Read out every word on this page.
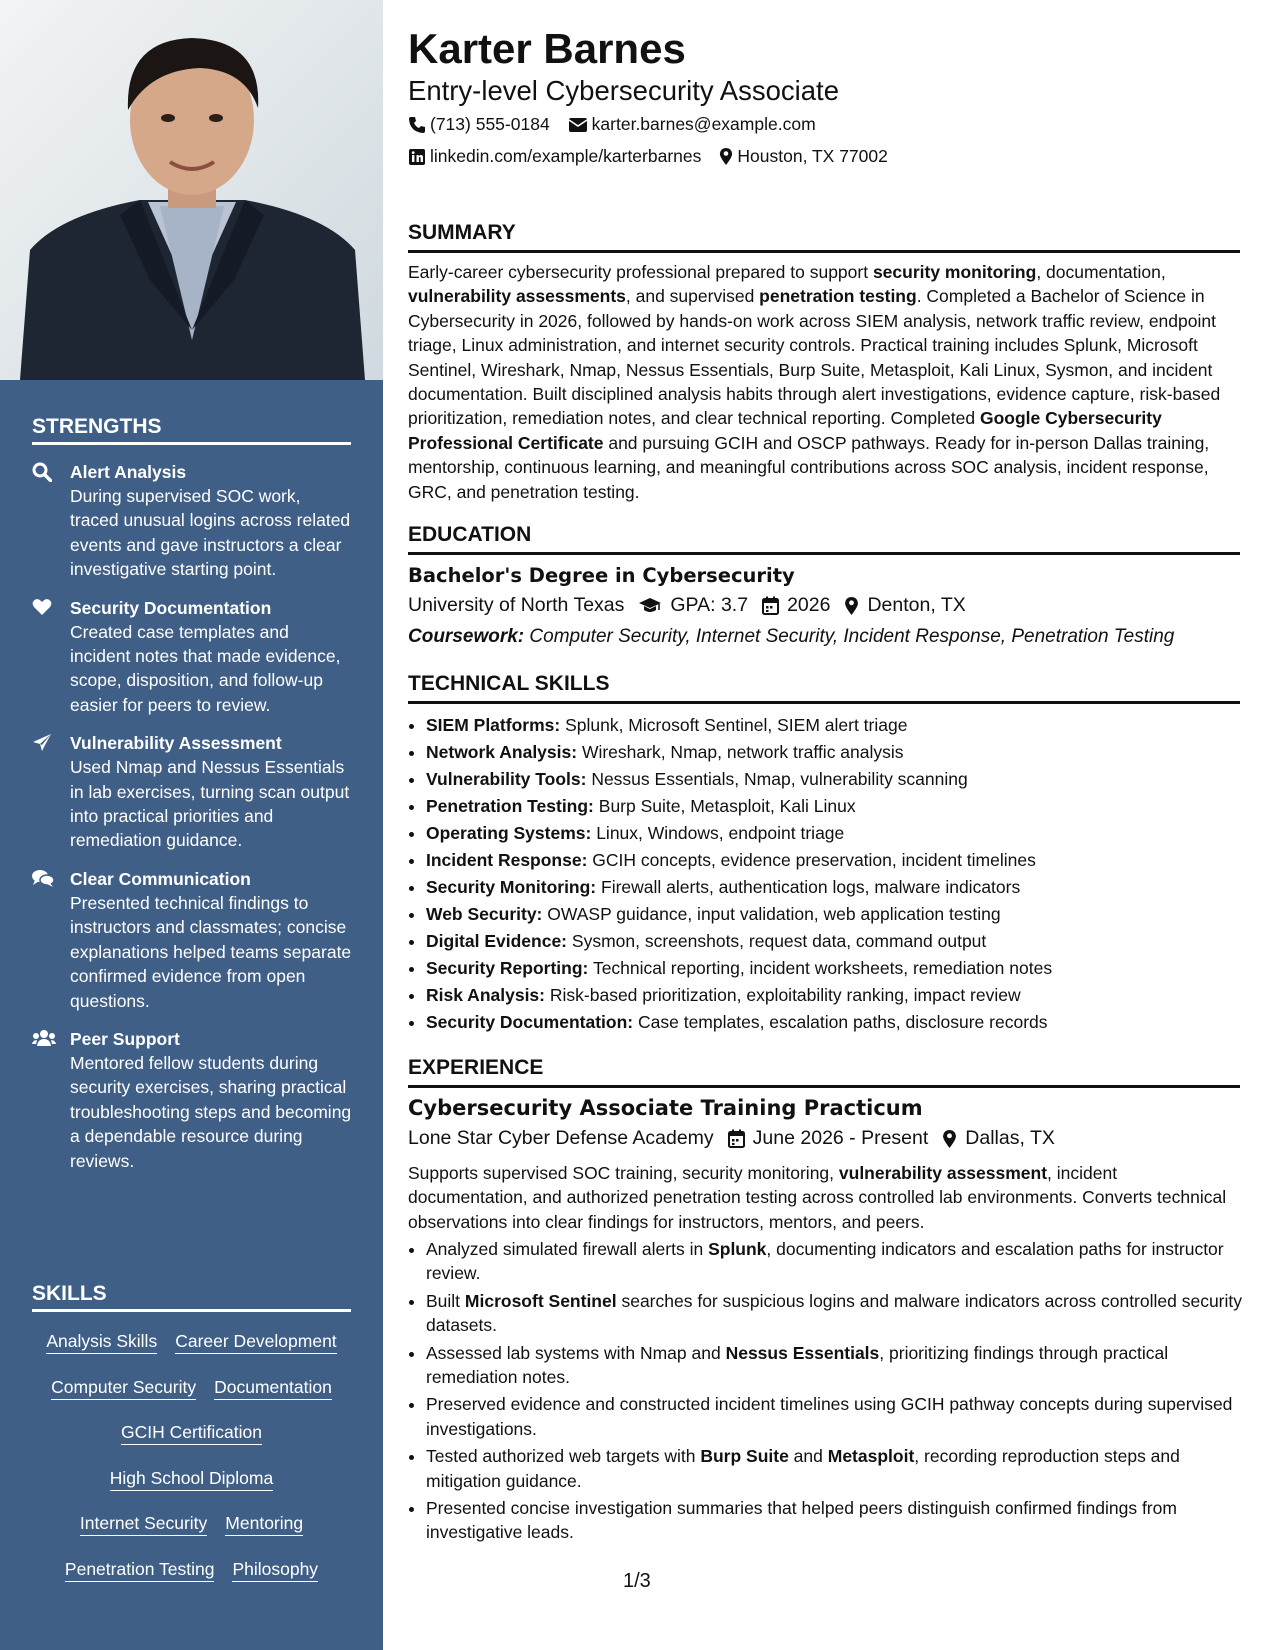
STRENGTHS
Alert Analysis
During supervised SOC work, traced unusual logins across related events and gave instructors a clear investigative starting point.
Security Documentation
Created case templates and incident notes that made evidence, scope, disposition, and follow-up easier for peers to review.
Vulnerability Assessment
Used Nmap and Nessus Essentials in lab exercises, turning scan output into practical priorities and remediation guidance.
Clear Communication
Presented technical findings to instructors and classmates; concise explanations helped teams separate confirmed evidence from open questions.
Peer Support
Mentored fellow students during security exercises, sharing practical troubleshooting steps and becoming a dependable resource during reviews.
SKILLS
Analysis Skills Career Development
Computer Security Documentation
GCIH Certification
High School Diploma
Internet Security Mentoring
Penetration Testing Philosophy
Karter Barnes
Entry-level Cybersecurity Associate
(713) 555-0184 karter.barnes@example.com
linkedin.com/example/karterbarnes Houston, TX 77002
SUMMARY
Early-career cybersecurity professional prepared to support security monitoring, documentation, vulnerability assessments, and supervised penetration testing. Completed a Bachelor of Science in Cybersecurity in 2026, followed by hands-on work across SIEM analysis, network traffic review, endpoint triage, Linux administration, and internet security controls. Practical training includes Splunk, Microsoft Sentinel, Wireshark, Nmap, Nessus Essentials, Burp Suite, Metasploit, Kali Linux, Sysmon, and incident documentation. Built disciplined analysis habits through alert investigations, evidence capture, risk-based prioritization, remediation notes, and clear technical reporting. Completed Google Cybersecurity Professional Certificate and pursuing GCIH and OSCP pathways. Ready for in-person Dallas training, mentorship, continuous learning, and meaningful contributions across SOC analysis, incident response, GRC, and penetration testing.
EDUCATION
Bachelor's Degree in Cybersecurity
University of North Texas GPA: 3.7 2026 Denton, TX
Coursework: Computer Security, Internet Security, Incident Response, Penetration Testing
TECHNICAL SKILLS
• SIEM Platforms: Splunk, Microsoft Sentinel, SIEM alert triage
• Network Analysis: Wireshark, Nmap, network traffic analysis
• Vulnerability Tools: Nessus Essentials, Nmap, vulnerability scanning
• Penetration Testing: Burp Suite, Metasploit, Kali Linux
• Operating Systems: Linux, Windows, endpoint triage
• Incident Response: GCIH concepts, evidence preservation, incident timelines
• Security Monitoring: Firewall alerts, authentication logs, malware indicators
• Web Security: OWASP guidance, input validation, web application testing
• Digital Evidence: Sysmon, screenshots, request data, command output
• Security Reporting: Technical reporting, incident worksheets, remediation notes
• Risk Analysis: Risk-based prioritization, exploitability ranking, impact review
• Security Documentation: Case templates, escalation paths, disclosure records
EXPERIENCE
Cybersecurity Associate Training Practicum
Lone Star Cyber Defense Academy June 2026 - Present Dallas, TX
Supports supervised SOC training, security monitoring, vulnerability assessment, incident documentation, and authorized penetration testing across controlled lab environments. Converts technical observations into clear findings for instructors, mentors, and peers.
• Analyzed simulated firewall alerts in Splunk, documenting indicators and escalation paths for instructor review.
• Built Microsoft Sentinel searches for suspicious logins and malware indicators across controlled security datasets.
• Assessed lab systems with Nmap and Nessus Essentials, prioritizing findings through practical remediation notes.
• Preserved evidence and constructed incident timelines using GCIH pathway concepts during supervised investigations.
• Tested authorized web targets with Burp Suite and Metasploit, recording reproduction steps and mitigation guidance.
• Presented concise investigation summaries that helped peers distinguish confirmed findings from investigative leads.
1/3
